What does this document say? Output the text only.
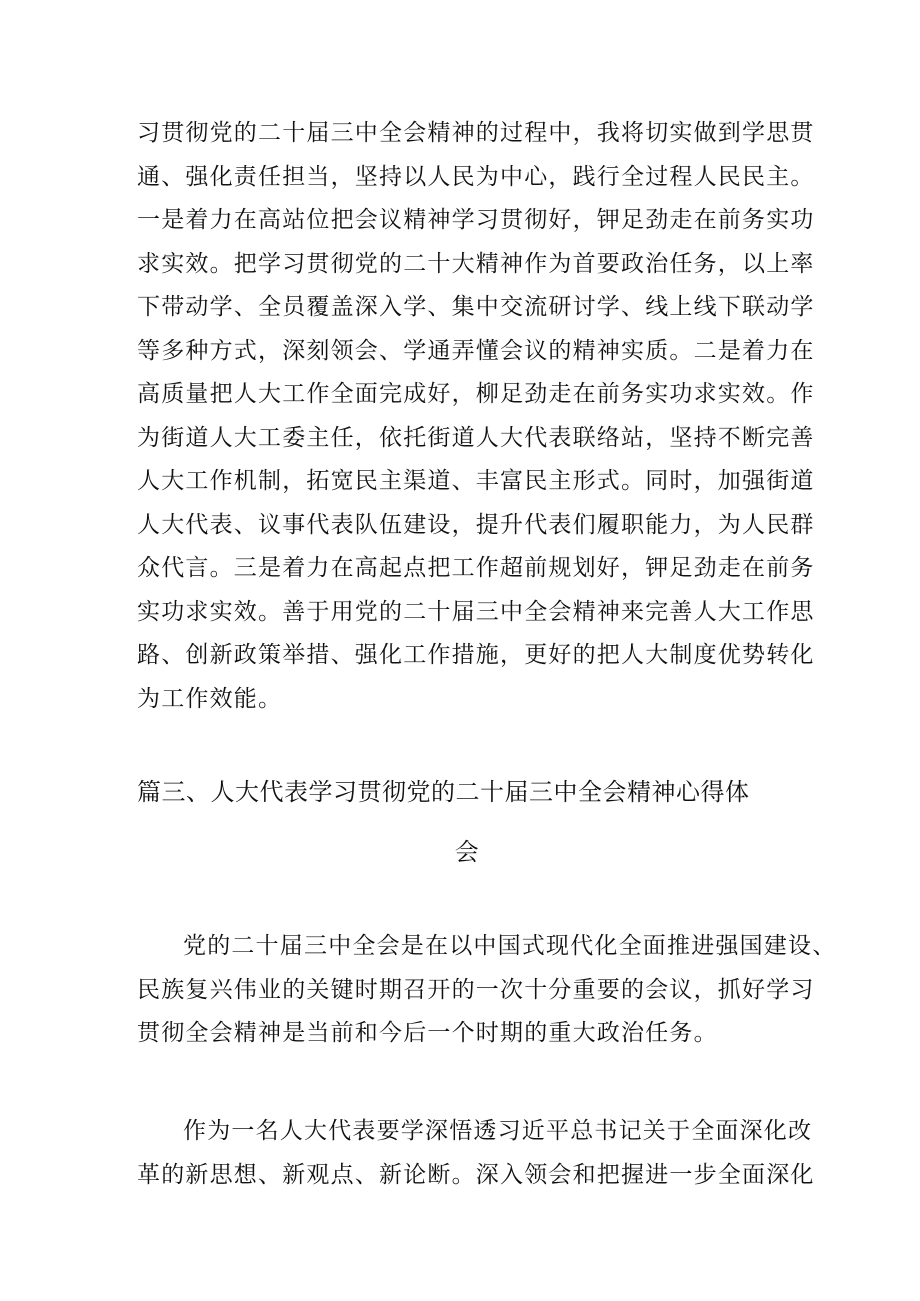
习贯彻党的二十届三中全会精神的过程中，我将切实做到学思贯
通、强化责任担当，坚持以人民为中心，践行全过程人民民主。
一是着力在高站位把会议精神学习贯彻好，钾足劲走在前务实功
求实效。把学习贯彻党的二十大精神作为首要政治任务，以上率
下带动学、全员覆盖深入学、集中交流研讨学、线上线下联动学
等多种方式，深刻领会、学通弄懂会议的精神实质。二是着力在
高质量把人大工作全面完成好，柳足劲走在前务实功求实效。作
为街道人大工委主任，依托街道人大代表联络站，坚持不断完善
人大工作机制，拓宽民主渠道、丰富民主形式。同时，加强街道
人大代表、议事代表队伍建设，提升代表们履职能力，为人民群
众代言。三是着力在高起点把工作超前规划好，钾足劲走在前务
实功求实效。善于用党的二十届三中全会精神来完善人大工作思
路、创新政策举措、强化工作措施，更好的把人大制度优势转化
为工作效能。
篇三、人大代表学习贯彻党的二十届三中全会精神心得体
会
党的二十届三中全会是在以中国式现代化全面推进强国建设、
民族复兴伟业的关键时期召开的一次十分重要的会议，抓好学习
贯彻全会精神是当前和今后一个时期的重大政治任务。
作为一名人大代表要学深悟透习近平总书记关于全面深化改
革的新思想、新观点、新论断。深入领会和把握进一步全面深化
